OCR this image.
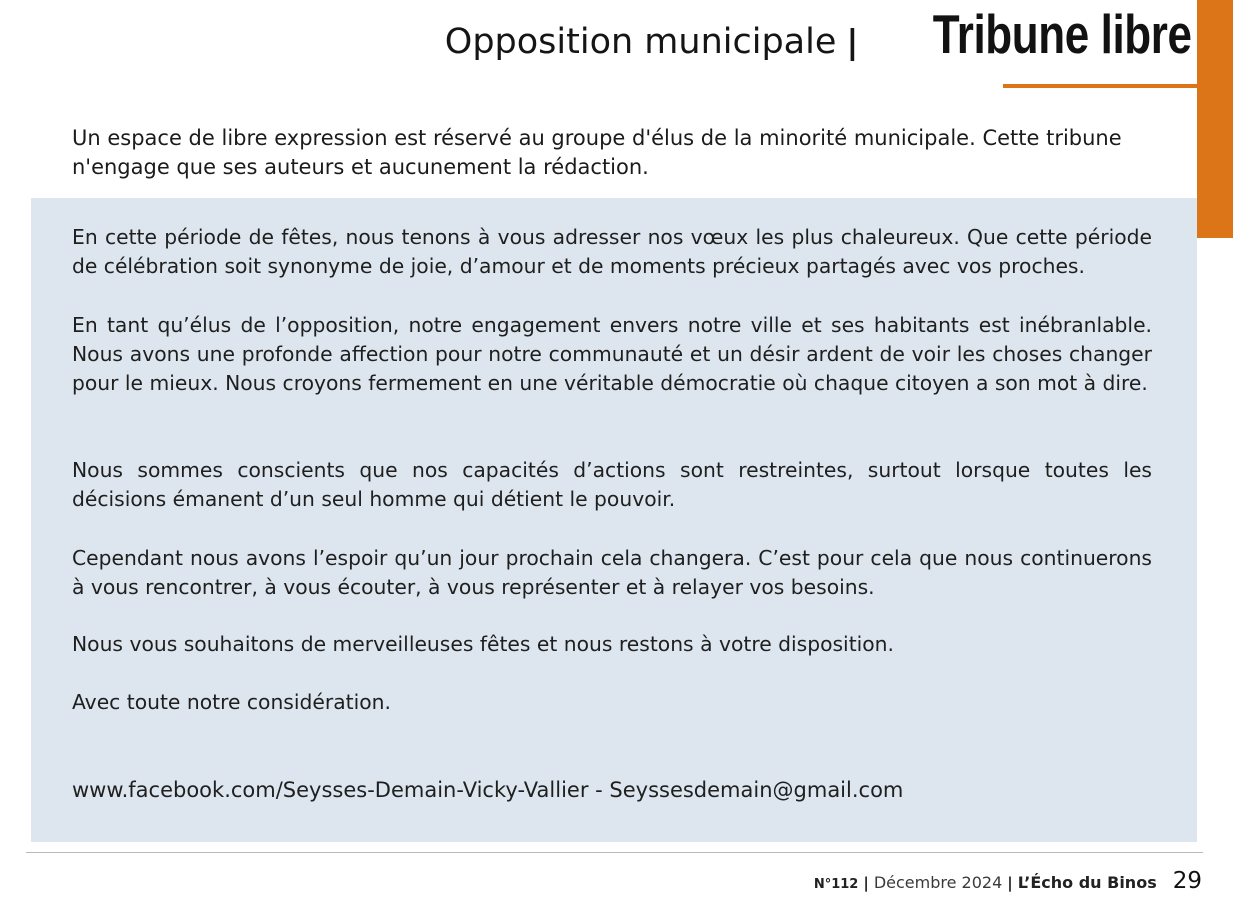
Opposition municipale | Tribune libre

Un espace de libre expression est réservé au groupe d'élus de la minorité municipale. Cette tribune n'engage que ses auteurs et aucunement la rédaction.

En cette période de fêtes, nous tenons à vous adresser nos vœux les plus chaleureux. Que cette période de célébration soit synonyme de joie, d’amour et de moments précieux partagés avec vos proches.

En tant qu’élus de l’opposition, notre engagement envers notre ville et ses habitants est inébranlable. Nous avons une profonde affection pour notre communauté et un désir ardent de voir les choses changer pour le mieux. Nous croyons fermement en une véritable démocratie où chaque citoyen a son mot à dire.

Nous sommes conscients que nos capacités d’actions sont restreintes, surtout lorsque toutes les décisions émanent d’un seul homme qui détient le pouvoir.

Cependant nous avons l’espoir qu’un jour prochain cela changera. C’est pour cela que nous continuerons à vous rencontrer, à vous écouter, à vous représenter et à relayer vos besoins.

Nous vous souhaitons de merveilleuses fêtes et nous restons à votre disposition.

Avec toute notre considération.

www.facebook.com/Seysses-Demain-Vicky-Vallier - Seyssesdemain@gmail.com

N°112 | Décembre 2024 | L’Écho du Binos 29
